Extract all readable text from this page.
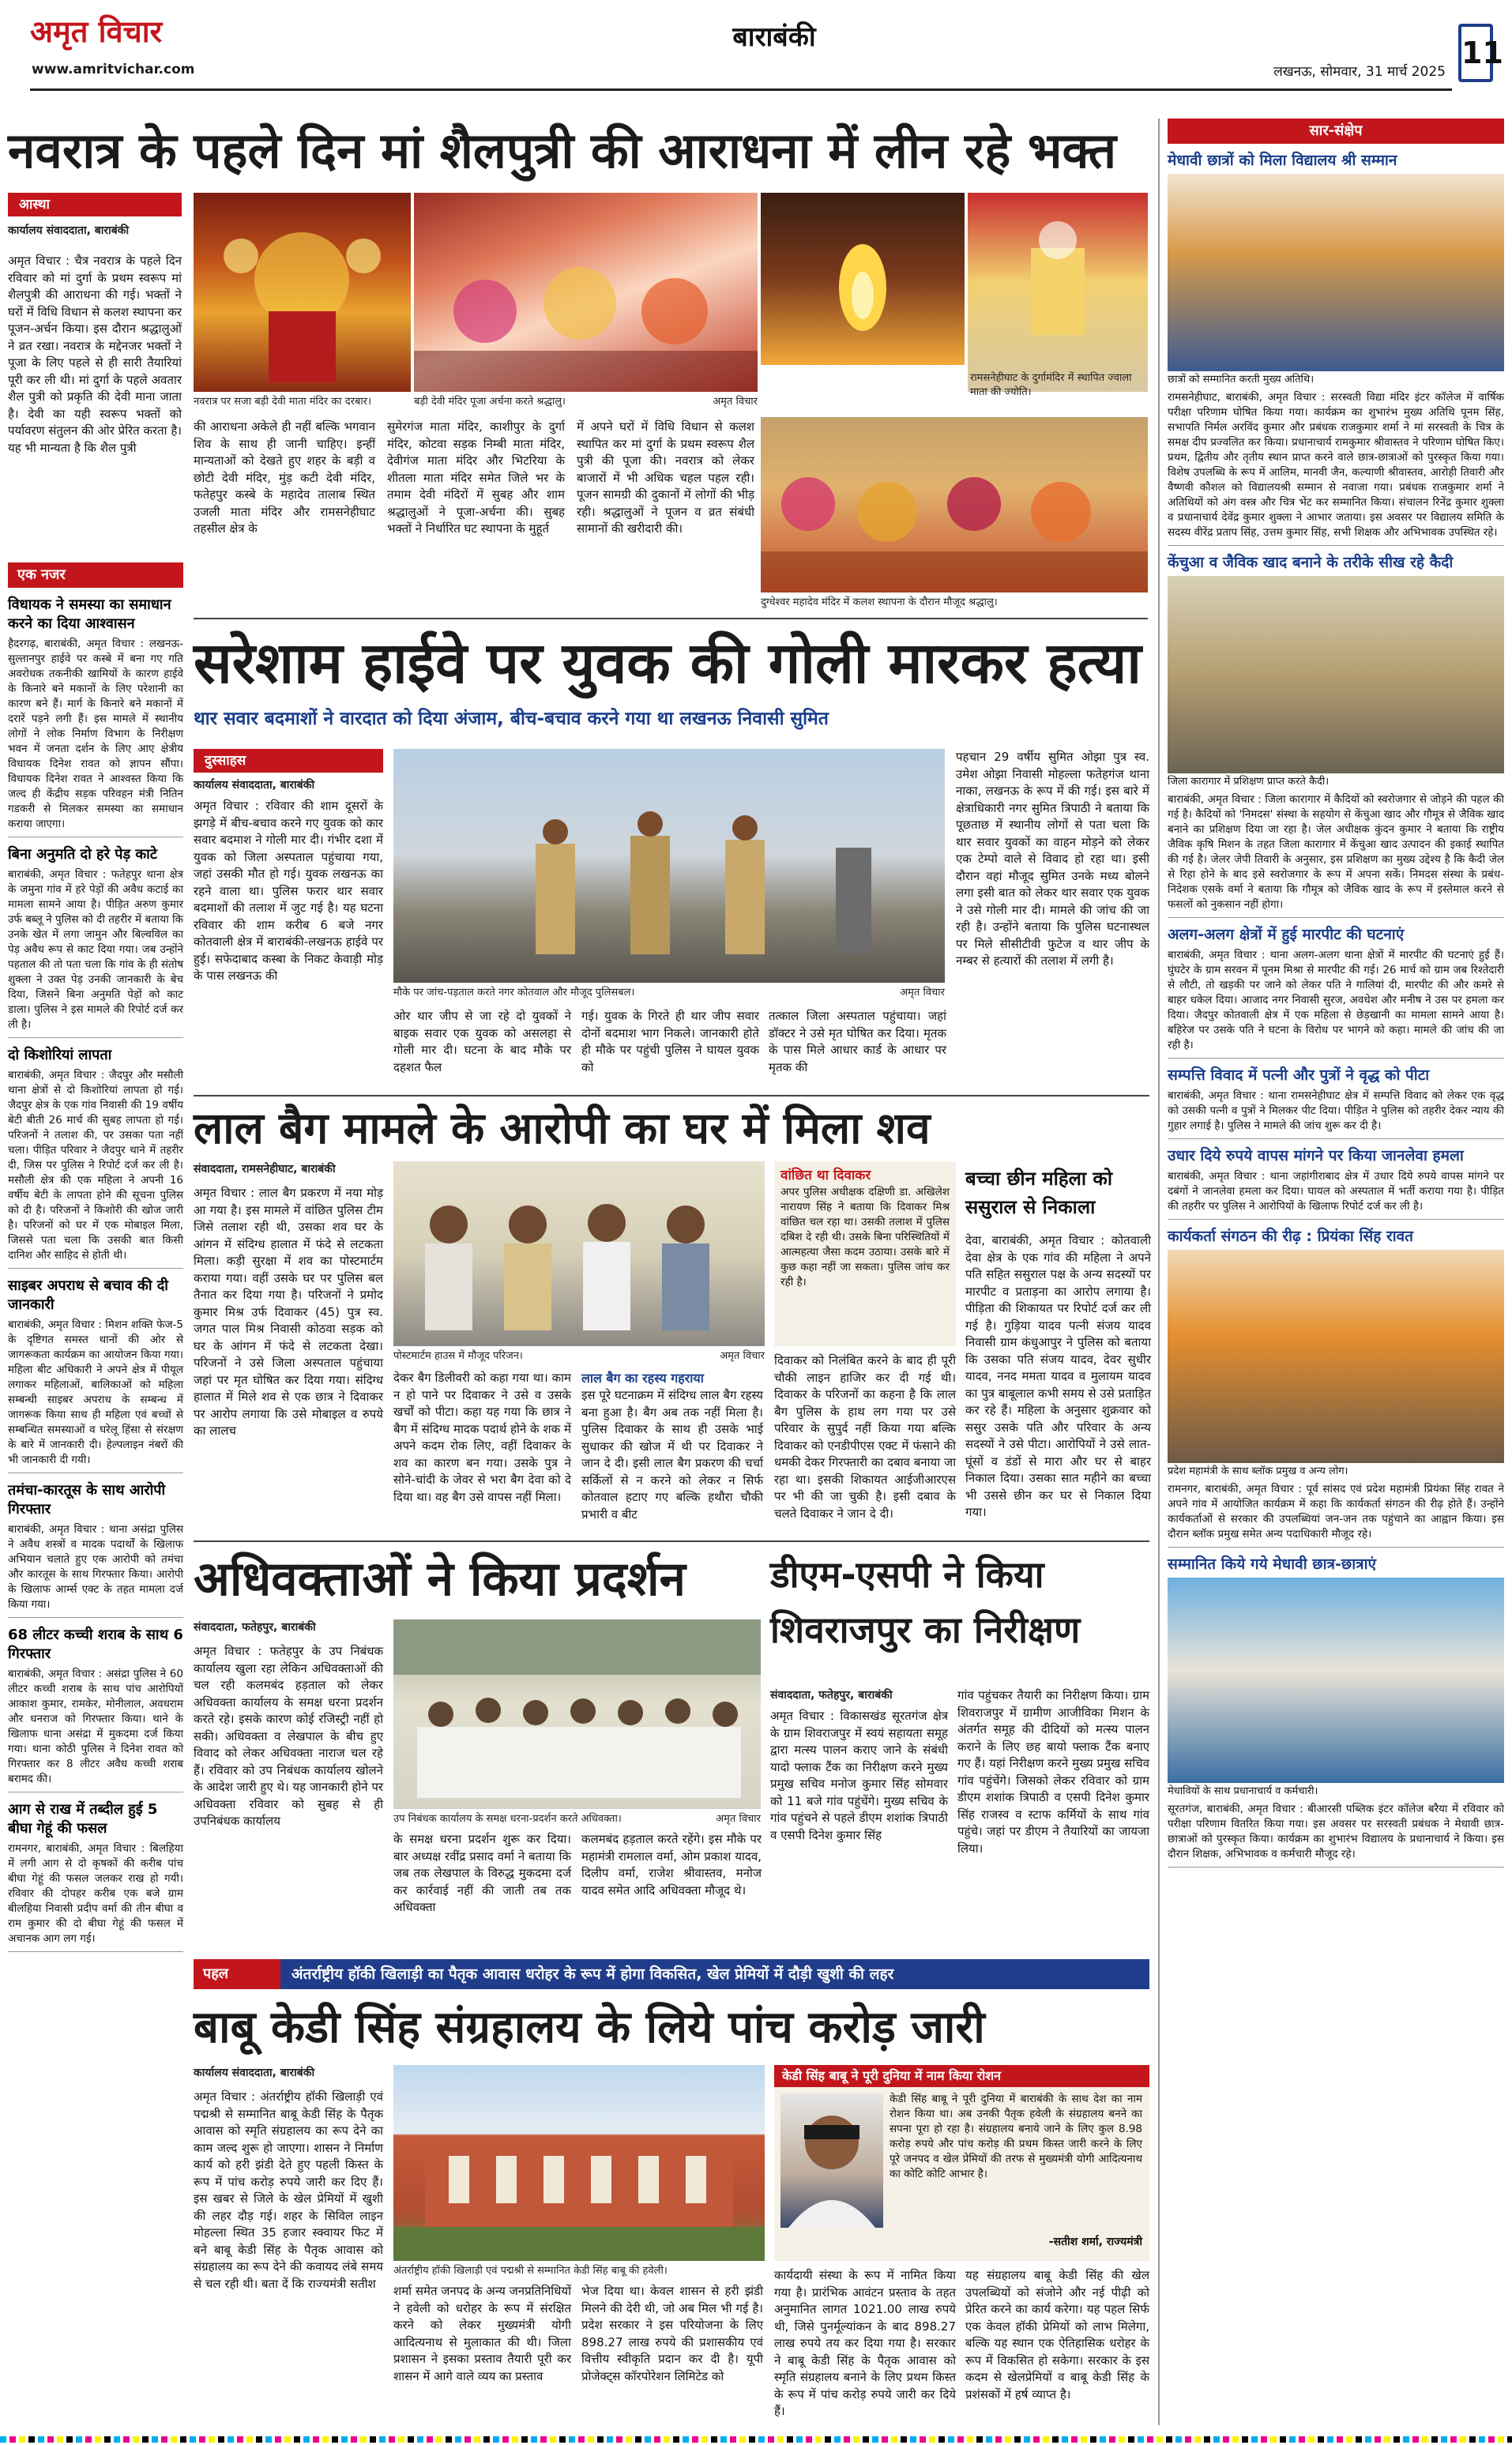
अमृत विचार
www.amritvichar.com
बाराबंकी
लखनऊ, सोमवार, 31 मार्च 2025
11
नवरात्र के पहले दिन मां शैलपुत्री की आराधना में लीन रहे भक्त
आस्था
कार्यालय संवाददाता, बाराबंकी
अमृत विचार : चैत्र नवरात्र के पहले दिन रविवार को मां दुर्गा के प्रथम स्वरूप मां शैलपुत्री की आराधना की गई। भक्तों ने घरों में विधि विधान से कलश स्थापना कर पूजन-अर्चन किया। इस दौरान श्रद्धालुओं ने व्रत रखा। नवरात्र के मद्देनजर भक्तों ने पूजा के लिए पहले से ही सारी तैयारियां पूरी कर ली थी। मां दुर्गा के पहले अवतार शैल पुत्री को प्रकृति की देवी माना जाता है। देवी का यही स्वरूप भक्तों को पर्यावरण संतुलन की ओर प्रेरित करता है। यह भी मान्यता है कि शैल पुत्री
नवरात्र पर सजा बड़ी देवी माता मंदिर का दरबार।	बड़ी देवी मंदिर पूजा अर्चना करते श्रद्धालु।	अमृत विचार
रामसनेहीघाट के दुर्गामंदिर में स्थापित ज्वाला माता की ज्योति।
दुग्धेश्वर महादेव मंदिर में कलश स्थापना के दौरान मौजूद श्रद्धालु।
की आराधना अकेले ही नहीं बल्कि भगवान शिव के साथ ही जानी चाहिए। इन्हीं मान्यताओं को देखते हुए शहर के बड़ी व छोटी देवी मंदिर, मुंड़ कटी देवी मंदिर, फतेहपुर कस्बे के महादेव तालाब स्थित उजली माता मंदिर और रामसनेहीघाट तहसील क्षेत्र के
सुमेरगंज माता मंदिर, काशीपुर के दुर्गा मंदिर, कोटवा सड़क निम्बी माता मंदिर, देवीगंज माता मंदिर और भिटरिया के शीतला माता मंदिर समेत जिले भर के तमाम देवी मंदिरों में सुबह और शाम श्रद्धालुओं ने पूजा-अर्चना की। सुबह भक्तों ने निर्धारित घट स्थापना के मुहूर्त
में अपने घरों में विधि विधान से कलश स्थापित कर मां दुर्गा के प्रथम स्वरूप शैल पुत्री की पूजा की। नवरात्र को लेकर बाजारों में भी अधिक चहल पहल रही। पूजन सामग्री की दुकानों में लोगों की भीड़ रही। श्रद्धालुओं ने पूजन व व्रत संबंधी सामानों की खरीदारी की।
एक नजर
विधायक ने समस्या का समाधान करने का दिया आश्वासन
हैदरगढ़, बाराबंकी, अमृत विचार : लखनऊ-सुल्तानपुर हाईवे पर कस्बे में बना गए गति अवरोधक तकनीकी खामियों के कारण हाईवे के किनारे बने मकानों के लिए परेशानी का कारण बने हैं। मार्ग के किनारे बने मकानों में दरारें पड़ने लगी हैं। इस मामले में स्थानीय लोगों ने लोक निर्माण विभाग के निरीक्षण भवन में जनता दर्शन के लिए आए क्षेत्रीय विधायक दिनेश रावत को ज्ञापन सौंपा। विधायक दिनेश रावत ने आश्वस्त किया कि जल्द ही केंद्रीय सड़क परिवहन मंत्री नितिन गडकरी से मिलकर समस्या का समाधान कराया जाएगा।
बिना अनुमति दो हरे पेड़ काटे
बाराबंकी, अमृत विचार : फतेहपुर थाना क्षेत्र के जमुना गांव में हरे पेड़ों की अवैध कटाई का मामला सामने आया है। पीड़ित अरुण कुमार उर्फ बब्लू ने पुलिस को दी तहरीर में बताया कि उनके खेत में लगा जामुन और बिल्वविल का पेड़ अवैध रूप से काट दिया गया। जब उन्होंने पहताल की तो पता चला कि गांव के ही संतोष शुक्ला ने उक्त पेड़ उनकी जानकारी के बेच दिया, जिसने बिना अनुमति पेड़ों को काट डाला। पुलिस ने इस मामले की रिपोर्ट दर्ज कर ली है।
दो किशोरियां लापता
बाराबंकी, अमृत विचार : जैदपुर और मसौली थाना क्षेत्रों से दो किशोरियां लापता हो गई। जैदपुर क्षेत्र के एक गांव निवासी की 19 वर्षीय बेटी बीती 26 मार्च की सुबह लापता हो गई। परिजनों ने तलाश की, पर उसका पता नहीं चला। पीड़ित परिवार ने जैदपुर थाने में तहरीर दी, जिस पर पुलिस ने रिपोर्ट दर्ज कर ली है। मसौली क्षेत्र की एक महिला ने अपनी 16 वर्षीय बेटी के लापता होने की सूचना पुलिस को दी है। परिजनों ने किशोरी की खोज जारी है। परिजनों को घर में एक मोबाइल मिला, जिससे पता चला कि उसकी बात किसी दानिश और साहिद से होती थी।
साइबर अपराध से बचाव की दी जानकारी
बाराबंकी, अमृत विचार : मिशन शक्ति फेज-5 के दृष्टिगत समस्त थानों की ओर से जागरूकता कार्यक्रम का आयोजन किया गया। महिला बीट अधिकारी ने अपने क्षेत्र में पीयूल लगाकर महिलाओं, बालिकाओं को महिला सम्बन्धी साइबर अपराध के सम्बन्ध में जागरूक किया साथ ही महिला एवं बच्चों से सम्बन्धित समस्याओं व घरेलू हिंसा से संरक्षण के बारे में जानकारी दी। हेल्पलाइन नंबरों की भी जानकारी दी गयी।
तमंचा-कारतूस के साथ आरोपी गिरफ्तार
बाराबंकी, अमृत विचार : थाना असंद्रा पुलिस ने अवैध शस्त्रों व मादक पदार्थों के खिलाफ अभियान चलाते हुए एक आरोपी को तमंचा और कारतूस के साथ गिरफ्तार किया। आरोपी के खिलाफ आर्म्स एक्ट के तहत मामला दर्ज किया गया।
68 लीटर कच्ची शराब के साथ 6 गिरफ्तार
बाराबंकी, अमृत विचार : असंद्रा पुलिस ने 60 लीटर कच्ची शराब के साथ पांच आरोपियों आकाश कुमार, रामकेर, मोनीलाल, अवधराम और धनराज को गिरफ्तार किया। थाने के खिलाफ धाना असंद्रा में मुकदमा दर्ज किया गया। थाना कोठी पुलिस ने दिनेश रावत को गिरफ्तार कर 8 लीटर अवैध कच्ची शराब बरामद की।
आग से राख में तब्दील हुई 5 बीघा गेहूं की फसल
रामनगर, बाराबंकी, अमृत विचार : बिलहिया में लगी आग से दो कृषकों की करीब पांच बीघा गेहूं की फसल जलकर राख हो गयी। रविवार की दोपहर करीब एक बजे ग्राम बीलहिया निवासी प्रदीप वर्मा की तीन बीघा व राम कुमार की दो बीघा गेहूं की फसल में अचानक आग लग गई।
सरेशाम हाईवे पर युवक की गोली मारकर हत्या
थार सवार बदमाशों ने वारदात को दिया अंजाम, बीच-बचाव करने गया था लखनऊ निवासी सुमित
दुस्साहस
कार्यालय संवाददाता, बाराबंकी
अमृत विचार : रविवार की शाम दूसरों के झगड़े में बीच-बचाव करने गए युवक को कार सवार बदमाश ने गोली मार दी। गंभीर दशा में युवक को जिला अस्पताल पहुंचाया गया, जहां उसकी मौत हो गई। युवक लखनऊ का रहने वाला था। पुलिस फरार थार सवार बदमाशों की तलाश में जुट गई है। यह घटना रविवार की शाम करीब 6 बजे नगर कोतवाली क्षेत्र में बाराबंकी-लखनऊ हाईवे पर हुई। सफेदाबाद कस्बा के निकट केवाड़ी मोड़ के पास लखनऊ की
मौके पर जांच-पड़ताल करते नगर कोतवाल और मौजूद पुलिसबल।	अमृत विचार
ओर थार जीप से जा रहे दो युवकों ने बाइक सवार एक युवक को असलहा से गोली मार दी। घटना के बाद मौके पर दहशत फैल
गई। युवक के गिरते ही थार जीप सवार दोनों बदमाश भाग निकले। जानकारी होते ही मौके पर पहुंची पुलिस ने घायल युवक को
तत्काल जिला अस्पताल पहुंचाया। जहां डॉक्टर ने उसे मृत घोषित कर दिया। मृतक के पास मिले आधार कार्ड के आधार पर मृतक की
पहचान 29 वर्षीय सुमित ओझा पुत्र स्व. उमेश ओझा निवासी मोहल्ला फतेहगंज थाना नाका, लखनऊ के रूप में की गई। इस बारे में क्षेत्राधिकारी नगर सुमित त्रिपाठी ने बताया कि पूछताछ में स्थानीय लोगों से पता चला कि थार सवार युवकों का वाहन मोड़ने को लेकर एक टेम्पो वाले से विवाद हो रहा था। इसी दौरान वहां मौजूद सुमित उनके मध्य बोलने लगा इसी बात को लेकर थार सवार एक युवक ने उसे गोली मार दी। मामले की जांच की जा रही है। उन्होंने बताया कि पुलिस घटनास्थल पर मिले सीसीटीवी फुटेज व थार जीप के नम्बर से हत्यारों की तलाश में लगी है।
लाल बैग मामले के आरोपी का घर में मिला शव
संवाददाता, रामसनेहीघाट, बाराबंकी
अमृत विचार : लाल बैग प्रकरण में नया मोड़ आ गया है। इस मामले में वांछित पुलिस टीम जिसे तलाश रही थी, उसका शव घर के आंगन में संदिग्ध हालात में फंदे से लटकता मिला। कड़ी सुरक्षा में शव का पोस्टमार्टम कराया गया। वहीं उसके घर पर पुलिस बल तैनात कर दिया गया है। परिजनों ने प्रमोद कुमार मिश्र उर्फ दिवाकर (45) पुत्र स्व. जगत पाल मिश्र निवासी कोठवा सड़क को घर के आंगन में फंदे से लटकता देखा। परिजनों ने उसे जिला अस्पताल पहुंचाया जहां पर मृत घोषित कर दिया गया। संदिग्ध हालात में मिले शव से एक छात्र ने दिवाकर पर आरोप लगाया कि उसे मोबाइल व रुपये का लालच
पोस्टमार्टम हाउस में मौजूद परिजन।	अमृत विचार
वांछित था दिवाकर
अपर पुलिस अधीक्षक दक्षिणी डा. अखिलेश नारायण सिंह ने बताया कि दिवाकर मिश्र वांछित चल रहा था। उसकी तलाश में पुलिस दबिश दे रही थी। उसके बिना परिस्थितियों में आत्महत्या जैसा कदम उठाया। उसके बारे में कुछ कहा नहीं जा सकता। पुलिस जांच कर रही है।
देकर बैग डिलीवरी को कहा गया था। काम न हो पाने पर दिवाकर ने उसे व उसके खर्चों को पीटा। कहा यह गया कि छात्र ने बैग में संदिग्ध मादक पदार्थ होने के शक में अपने कदम रोक लिए, वहीं दिवाकर के शव का कारण बन गया। उसके पुत्र ने सोने-चांदी के जेवर से भरा बैग देवा को दे दिया था। वह बैग उसे वापस नहीं मिला।
लाल बैग का रहस्य गहराया
इस पूरे घटनाक्रम में संदिग्ध लाल बैग रहस्य बना हुआ है। बैग अब तक नहीं मिला है। पुलिस दिवाकर के साथ ही उसके भाई सुधाकर की खोज में थी पर दिवाकर ने जान दे दी। इसी लाल बैग प्रकरण की चर्चा सर्किलों से न करने को लेकर न सिर्फ कोतवाल हटाए गए बल्कि हथौरा चौकी प्रभारी व बीट
दिवाकर को निलंबित करने के बाद ही पूरी चौकी लाइन हाजिर कर दी गई थी। दिवाकर के परिजनों का कहना है कि लाल बैग पुलिस के हाथ लग गया पर उसे परिवार के सुपुर्द नहीं किया गया बल्कि दिवाकर को एनडीपीएस एक्ट में फंसाने की धमकी देकर गिरफ्तारी का दबाव बनाया जा रहा था। इसकी शिकायत आईजीआरएस पर भी की जा चुकी है। इसी दबाव के चलते दिवाकर ने जान दे दी।
बच्चा छीन महिला को
ससुराल से निकाला
देवा, बाराबंकी, अमृत विचार : कोतवाली देवा क्षेत्र के एक गांव की महिला ने अपने पति सहित ससुराल पक्ष के अन्य सदस्यों पर मारपीट व प्रताड़ना का आरोप लगाया है। पीड़िता की शिकायत पर रिपोर्ट दर्ज कर ली गई है। गुड़िया यादव पत्नी संजय यादव निवासी ग्राम कंधुआपुर ने पुलिस को बताया कि उसका पति संजय यादव, देवर सुधीर यादव, ननद ममता यादव व मुलायम यादव का पुत्र बाबूलाल कभी समय से उसे प्रताड़ित कर रहे हैं। महिला के अनुसार शुक्रवार को ससुर उसके पति और परिवार के अन्य सदस्यों ने उसे पीटा। आरोपियों ने उसे लात-घूंसों व डंडों से मारा और घर से बाहर निकाल दिया। उसका सात महीने का बच्चा भी उससे छीन कर घर से निकाल दिया गया।
अधिवक्ताओं ने किया प्रदर्शन
संवाददाता, फतेहपुर, बाराबंकी
अमृत विचार : फतेहपुर के उप निबंधक कार्यालय खुला रहा लेकिन अधिवक्ताओं की चल रही कलमबंद हड़ताल को लेकर अधिवक्ता कार्यालय के समक्ष धरना प्रदर्शन करते रहे। इसके कारण कोई रजिस्ट्री नहीं हो सकी। अधिवक्ता व लेखपाल के बीच हुए विवाद को लेकर अधिवक्ता नाराज चल रहे हैं। रविवार को उप निबंधक कार्यालय खोलने के आदेश जारी हुए थे। यह जानकारी होने पर अधिवक्ता रविवार को सुबह से ही उपनिबंधक कार्यालय	उप निबंधक कार्यालय के समक्ष धरना-प्रदर्शन करते अधिवक्ता।	अमृत विचार
के समक्ष धरना प्रदर्शन शुरू कर दिया। बार अध्यक्ष रवींद्र प्रसाद वर्मा ने बताया कि जब तक लेखपाल के विरुद्ध मुकदमा दर्ज कर कार्रवाई नहीं की जाती तब तक अधिवक्ता
कलमबंद हड़ताल करते रहेंगे। इस मौके पर महामंत्री रामलाल वर्मा, ओम प्रकाश यादव, दिलीप वर्मा, राजेश श्रीवास्तव, मनोज यादव समेत आदि अधिवक्ता मौजूद थे।
डीएम-एसपी ने किया
शिवराजपुर का निरीक्षण
संवाददाता, फतेहपुर, बाराबंकी
अमृत विचार : विकासखंड सूरतगंज क्षेत्र के ग्राम शिवराजपुर में स्वयं सहायता समूह द्वारा मत्स्य पालन कराए जाने के संबंधी यादो फ्लाक टैंक का निरीक्षण करने मुख्य प्रमुख सचिव मनोज कुमार सिंह सोमवार को 11 बजे गांव पहुंचेंगे। मुख्य सचिव के गांव पहुंचने से पहले डीएम शशांक त्रिपाठी व एसपी दिनेश कुमार सिंह
गांव पहुंचकर तैयारी का निरीक्षण किया। ग्राम शिवराजपुर में ग्रामीण आजीविका मिशन के अंतर्गत समूह की दीदियों को मत्स्य पालन कराने के लिए छह बायो फ्लाक टैंक बनाए गए हैं। यहां निरीक्षण करने मुख्य प्रमुख सचिव गांव पहुंचेंगे। जिसको लेकर रविवार को ग्राम डीएम शशांक त्रिपाठी व एसपी दिनेश कुमार सिंह राजस्व व स्टाफ कर्मियों के साथ गांव पहुंचे। जहां पर डीएम ने तैयारियों का जायजा लिया।
पहल	अंतर्राष्ट्रीय हॉकी खिलाड़ी का पैतृक आवास धरोहर के रूप में होगा विकसित, खेल प्रेमियों में दौड़ी खुशी की लहर
बाबू केडी सिंह संग्रहालय के लिये पांच करोड़ जारी
कार्यालय संवाददाता, बाराबंकी
अमृत विचार : अंतर्राष्ट्रीय हॉकी खिलाड़ी एवं पद्मश्री से सम्मानित बाबू केडी सिंह के पैतृक आवास को स्मृति संग्रहालय का रूप देने का काम जल्द शुरू हो जाएगा। शासन ने निर्माण कार्य को हरी झंडी देते हुए पहली किस्त के रूप में पांच करोड़ रुपये जारी कर दिए हैं। इस खबर से जिले के खेल प्रेमियों में खुशी की लहर दौड़ गई। शहर के सिविल लाइन मोहल्ला स्थित 35 हजार स्क्वायर फिट में बने बाबू केडी सिंह के पैतृक आवास को संग्रहालय का रूप देने की कवायद लंबे समय से चल रही थी। बता दें कि राज्यमंत्री सतीश
अंतर्राष्ट्रीय हॉकी खिलाड़ी एवं पद्मश्री से सम्मानित केडी सिंह बाबू की हवेली।
केडी सिंह बाबू ने पूरी दुनिया में नाम किया रोशन
केडी सिंह बाबू ने पूरी दुनिया में बाराबंकी के साथ देश का नाम रोशन किया था। अब उनकी पैतृक हवेली के संग्रहालय बनने का सपना पूरा हो रहा है। संग्रहालय बनाये जाने के लिए कुल 8.98 करोड़ रुपये और पांच करोड़ की प्रथम किस्त जारी करने के लिए पूरे जनपद व खेल प्रेमियों की तरफ से मुख्यमंत्री योगी आदित्यनाथ का कोटि कोटि आभार है।
-सतीश शर्मा, राज्यमंत्री
शर्मा समेत जनपद के अन्य जनप्रतिनिधियों ने हवेली को धरोहर के रूप में संरक्षित करने को लेकर मुख्यमंत्री योगी आदित्यनाथ से मुलाकात की थी। जिला प्रशासन ने इसका प्रस्ताव तैयारी पूरी कर शासन में आगे वाले व्यय का प्रस्ताव
भेज दिया था। केवल शासन से हरी झंडी मिलने की देरी थी, जो अब मिल भी गई है। प्रदेश सरकार ने इस परियोजना के लिए 898.27 लाख रुपये की प्रशासकीय एवं वित्तीय स्वीकृति प्रदान कर दी है। यूपी प्रोजेक्ट्स कॉरपोरेशन लिमिटेड को
कार्यदायी संस्था के रूप में नामित किया गया है। प्रारंभिक आवंटन प्रस्ताव के तहत अनुमानित लागत 1021.00 लाख रुपये थी, जिसे पुनर्मूल्यांकन के बाद 898.27 लाख रुपये तय कर दिया गया है। सरकार ने बाबू केडी सिंह के पैतृक आवास को स्मृति संग्रहालय बनाने के लिए प्रथम किस्त के रूप में पांच करोड़ रुपये जारी कर दिये हैं।
यह संग्रहालय बाबू केडी सिंह की खेल उपलब्धियों को संजोने और नई पीढ़ी को प्रेरित करने का कार्य करेगा। यह पहल सिर्फ एक केवल हॉकी प्रेमियों को लाभ मिलेगा, बल्कि यह स्थान एक ऐतिहासिक धरोहर के रूप में विकसित हो सकेगा। सरकार के इस कदम से खेलप्रेमियों व बाबू केडी सिंह के प्रशंसकों में हर्ष व्याप्त है।
सार-संक्षेप
मेधावी छात्रों को मिला विद्यालय श्री सम्मान
छात्रों को सम्मानित करती मुख्य अतिथि।
रामसनेहीघाट, बाराबंकी, अमृत विचार : सरस्वती विद्या मंदिर इंटर कॉलेज में वार्षिक परीक्षा परिणाम घोषित किया गया। कार्यक्रम का शुभारंभ मुख्य अतिथि पूनम सिंह, सभापति निर्मल अरविंद कुमार और प्रबंधक राजकुमार शर्मा ने मां सरस्वती के चित्र के समक्ष दीप प्रज्वलित कर किया। प्रधानाचार्य रामकुमार श्रीवास्तव ने परिणाम घोषित किए। प्रथम, द्वितीय और तृतीय स्थान प्राप्त करने वाले छात्र-छात्राओं को पुरस्कृत किया गया। विशेष उपलब्धि के रूप में आलिम, मानवी जैन, कल्याणी श्रीवास्तव, आरोही तिवारी और वैष्णवी कौशल को विद्यालयश्री सम्मान से नवाजा गया। प्रबंधक राजकुमार शर्मा ने अतिथियों को अंग वस्त्र और चित्र भेंट कर सम्मानित किया। संचालन रिनेंद्र कुमार शुक्ला व प्रधानाचार्य देवेंद्र कुमार शुक्ला ने आभार जताया। इस अवसर पर विद्यालय समिति के सदस्य वीरेंद्र प्रताप सिंह, उत्तम कुमार सिंह, सभी शिक्षक और अभिभावक उपस्थित रहे।
केंचुआ व जैविक खाद बनाने के तरीके सीख रहे कैदी
जिला कारागार में प्रशिक्षण प्राप्त करते कैदी।
बाराबंकी, अमृत विचार : जिला कारागार में कैदियों को स्वरोजगार से जोड़ने की पहल की गई है। कैदियों को 'निमदस' संस्था के सहयोग से केंचुआ खाद और गौमूत्र से जैविक खाद बनाने का प्रशिक्षण दिया जा रहा है। जेल अधीक्षक कुंदन कुमार ने बताया कि राष्ट्रीय जैविक कृषि मिशन के तहत जिला कारागार में केंचुआ खाद उत्पादन की इकाई स्थापित की गई है। जेलर जेपी तिवारी के अनुसार, इस प्रशिक्षण का मुख्य उद्देश्य है कि कैदी जेल से रिहा होने के बाद इसे स्वरोजगार के रूप में अपना सकें। निमदस संस्था के प्रबंध-निदेशक एसके वर्मा ने बताया कि गौमूत्र को जैविक खाद के रूप में इस्तेमाल करने से फसलों को नुकसान नहीं होगा।
अलग-अलग क्षेत्रों में हुई मारपीट की घटनाएं
बाराबंकी, अमृत विचार : थाना अलग-अलग थाना क्षेत्रों में मारपीट की घटनाएं हुई हैं। घुंघटेर के ग्राम सरवन में पूनम मिश्रा से मारपीट की गई। 26 मार्च को ग्राम जब रिश्तेदारी से लौटी, तो खड़की पर जाने को लेकर पति ने गालियां दी, मारपीट की और कमरे से बाहर धकेल दिया। आजाद नगर निवासी सुरज, अवधेश और मनीष ने उस पर हमला कर दिया। जैदपुर कोतवाली क्षेत्र में एक महिला से छेड़खानी का मामला सामने आया है। बहिरेज पर उसके पति ने घटना के विरोध पर भागने को कहा। मामले की जांच की जा रही है।
सम्पत्ति विवाद में पत्नी और पुत्रों ने वृद्ध को पीटा
बाराबंकी, अमृत विचार : थाना रामसनेहीघाट क्षेत्र में सम्पत्ति विवाद को लेकर एक वृद्ध को उसकी पत्नी व पुत्रों ने मिलकर पीट दिया। पीड़ित ने पुलिस को तहरीर देकर न्याय की गुहार लगाई है। पुलिस ने मामले की जांच शुरू कर दी है।
उधार दिये रुपये वापस मांगने पर किया जानलेवा हमला
बाराबंकी, अमृत विचार : थाना जहांगीराबाद क्षेत्र में उधार दिये रुपये वापस मांगने पर दबंगों ने जानलेवा हमला कर दिया। घायल को अस्पताल में भर्ती कराया गया है। पीड़ित की तहरीर पर पुलिस ने आरोपियों के खिलाफ रिपोर्ट दर्ज कर ली है।
कार्यकर्ता संगठन की रीढ़ : प्रियंका सिंह रावत
प्रदेश महामंत्री के साथ ब्लॉक प्रमुख व अन्य लोग।
रामनगर, बाराबंकी, अमृत विचार : पूर्व सांसद एवं प्रदेश महामंत्री प्रियंका सिंह रावत ने अपने गांव में आयोजित कार्यक्रम में कहा कि कार्यकर्ता संगठन की रीढ़ होते हैं। उन्होंने कार्यकर्ताओं से सरकार की उपलब्धियां जन-जन तक पहुंचाने का आह्वान किया। इस दौरान ब्लॉक प्रमुख समेत अन्य पदाधिकारी मौजूद रहे।
सम्मानित किये गये मेधावी छात्र-छात्राएं
मेधावियों के साथ प्रधानाचार्य व कर्मचारी।
सूरतगंज, बाराबंकी, अमृत विचार : बीआरसी पब्लिक इंटर कॉलेज बरैया में रविवार को परीक्षा परिणाम वितरित किया गया। इस अवसर पर सरस्वती प्रबंधक ने मेधावी छात्र-छात्राओं को पुरस्कृत किया। कार्यक्रम का शुभारंभ विद्यालय के प्रधानाचार्य ने किया। इस दौरान शिक्षक, अभिभावक व कर्मचारी मौजूद रहे।
